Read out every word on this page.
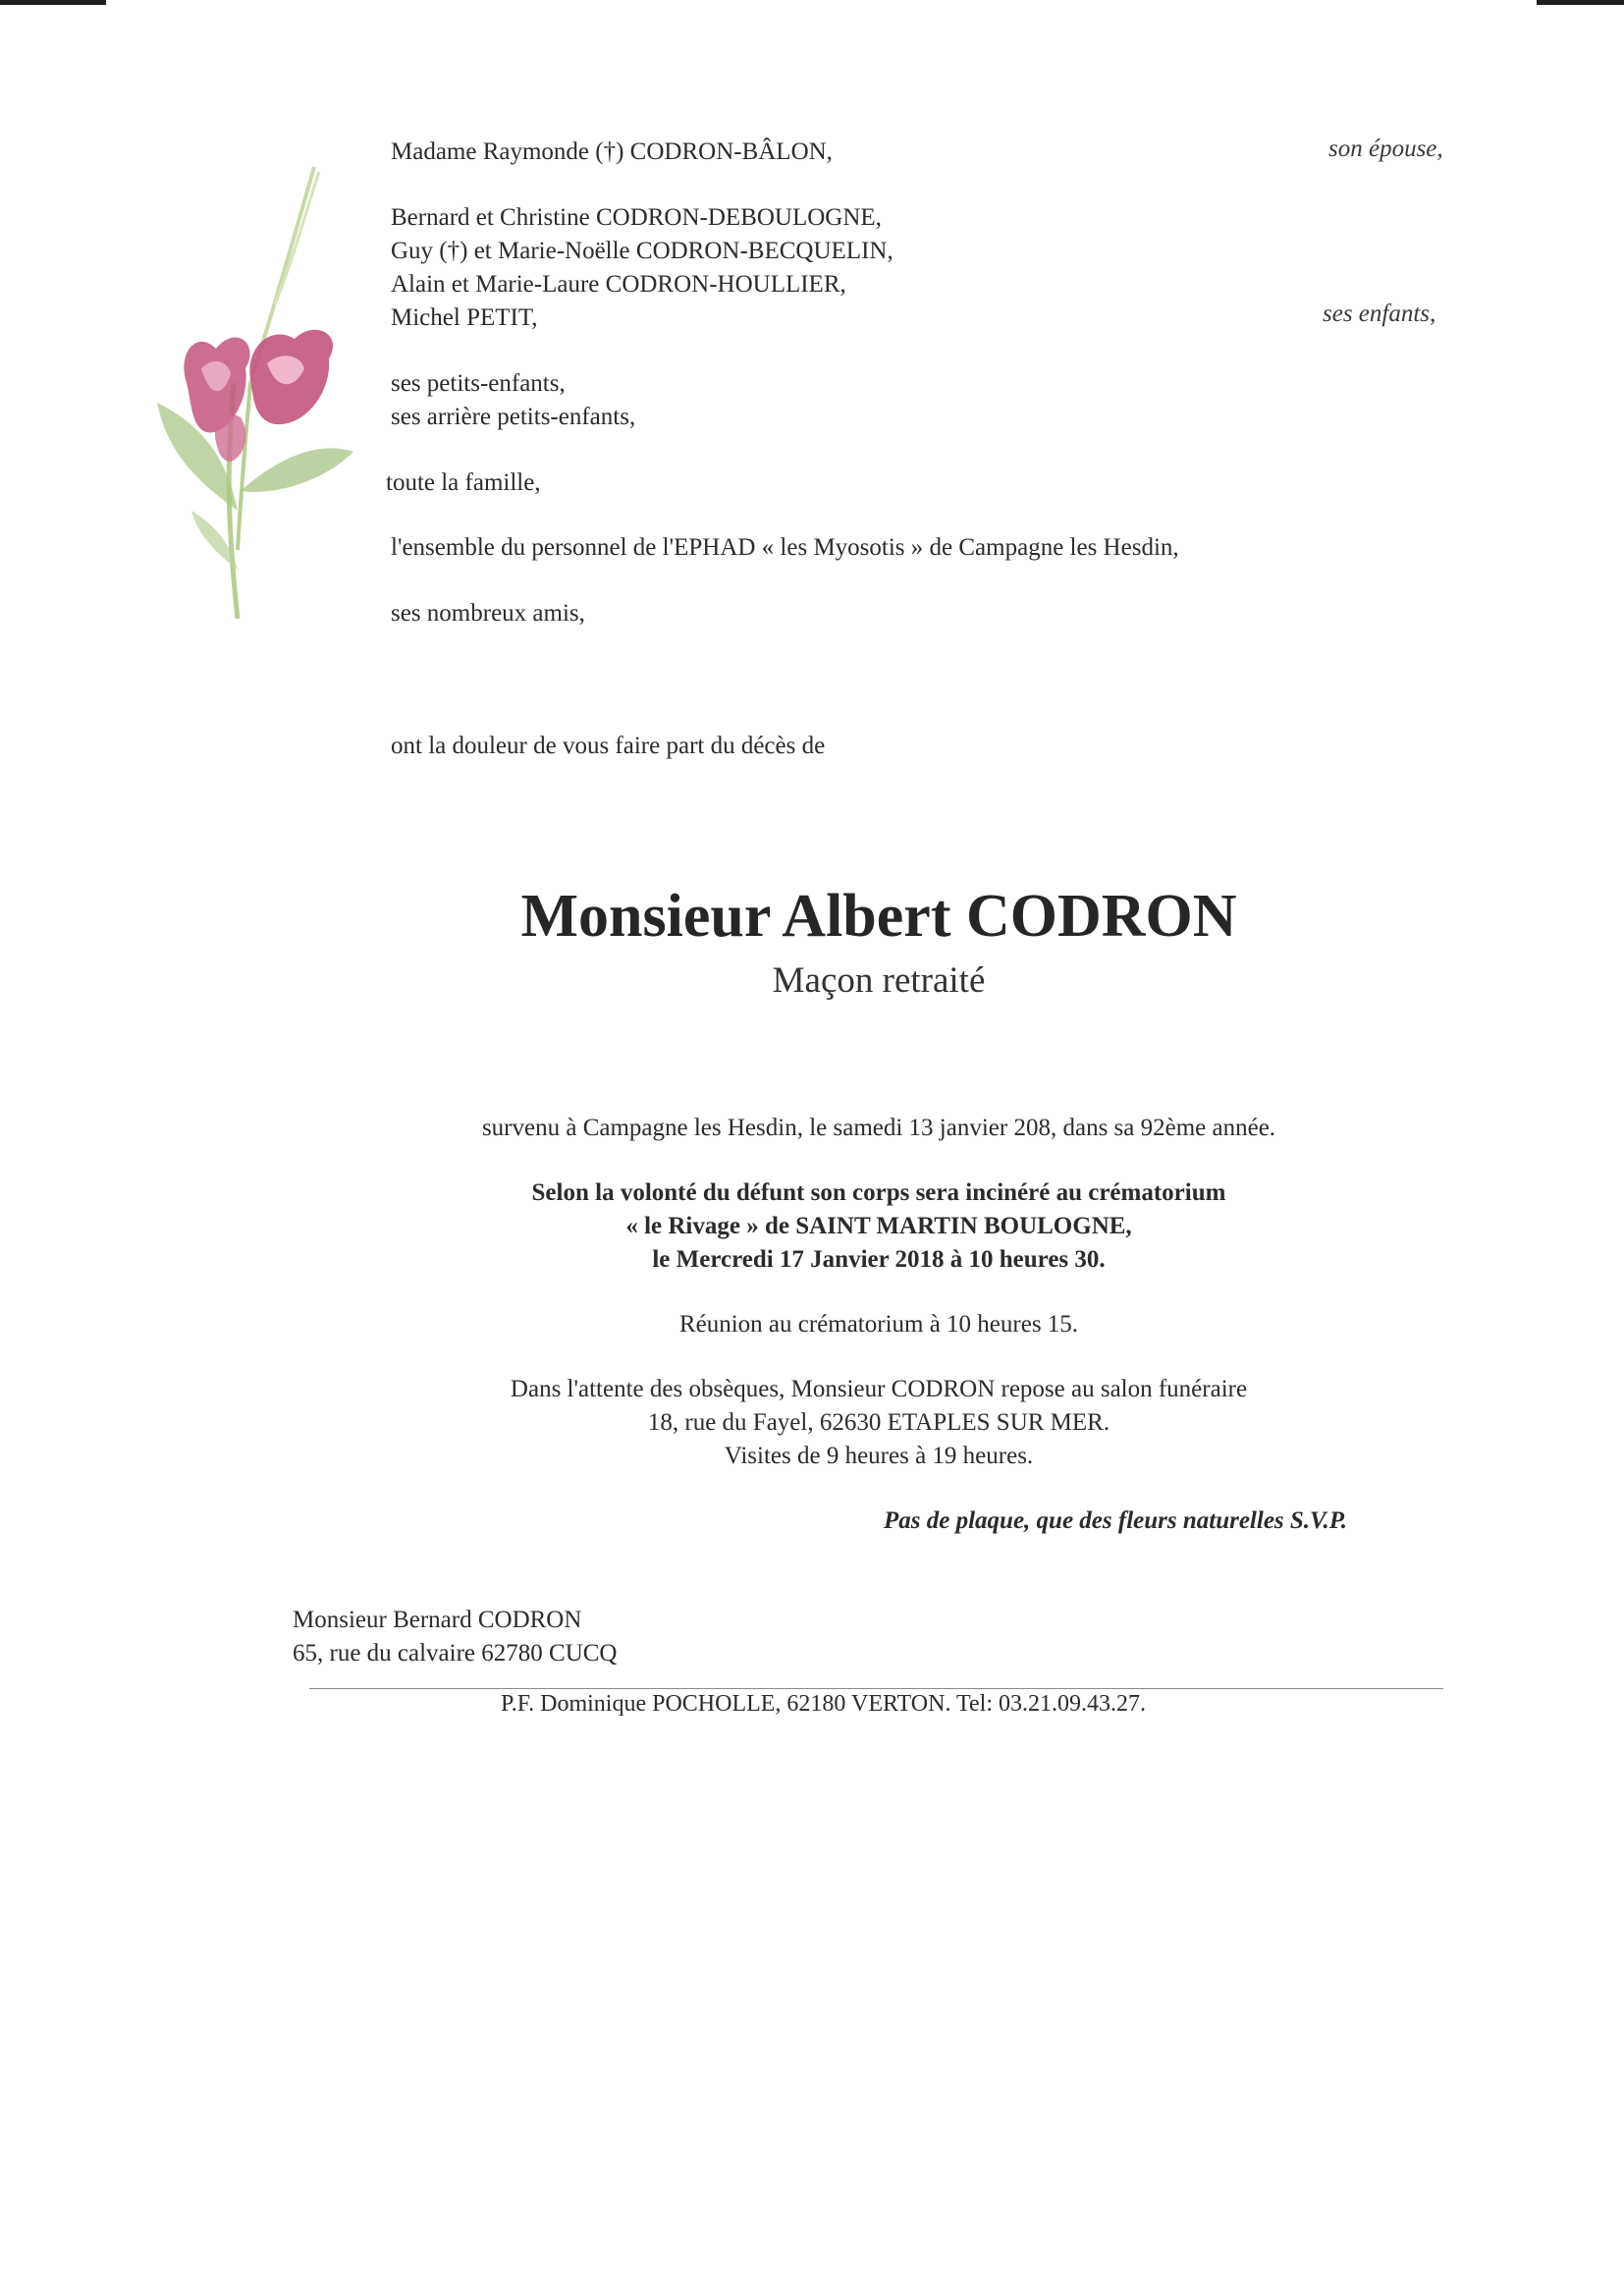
Madame Raymonde (†) CODRON-BÂLON,	son épouse,
Bernard et Christine CODRON-DEBOULOGNE,
Guy (†) et Marie-Noëlle CODRON-BECQUELIN,
Alain et Marie-Laure CODRON-HOULLIER,
Michel PETIT,	ses enfants,
ses petits-enfants,
ses arrière petits-enfants,
toute la famille,
l'ensemble du personnel de l'EPHAD « les Myosotis » de Campagne les Hesdin,
ses nombreux amis,
ont la douleur de vous faire part du décès de
Monsieur Albert CODRON
Maçon retraité
survenu à Campagne les Hesdin, le samedi 13 janvier 208, dans sa 92ème année.
Selon la volonté du défunt son corps sera incinéré au crématorium
« le Rivage » de SAINT MARTIN BOULOGNE,
le Mercredi 17 Janvier 2018 à 10 heures 30.
Réunion au crématorium à 10 heures 15.
Dans l'attente des obsèques, Monsieur CODRON repose au salon funéraire
18, rue du Fayel, 62630 ETAPLES SUR MER.
Visites de 9 heures à 19 heures.
Pas de plaque, que des fleurs naturelles S.V.P.
Monsieur Bernard CODRON
65, rue du calvaire 62780 CUCQ
P.F. Dominique POCHOLLE, 62180 VERTON. Tel: 03.21.09.43.27.
